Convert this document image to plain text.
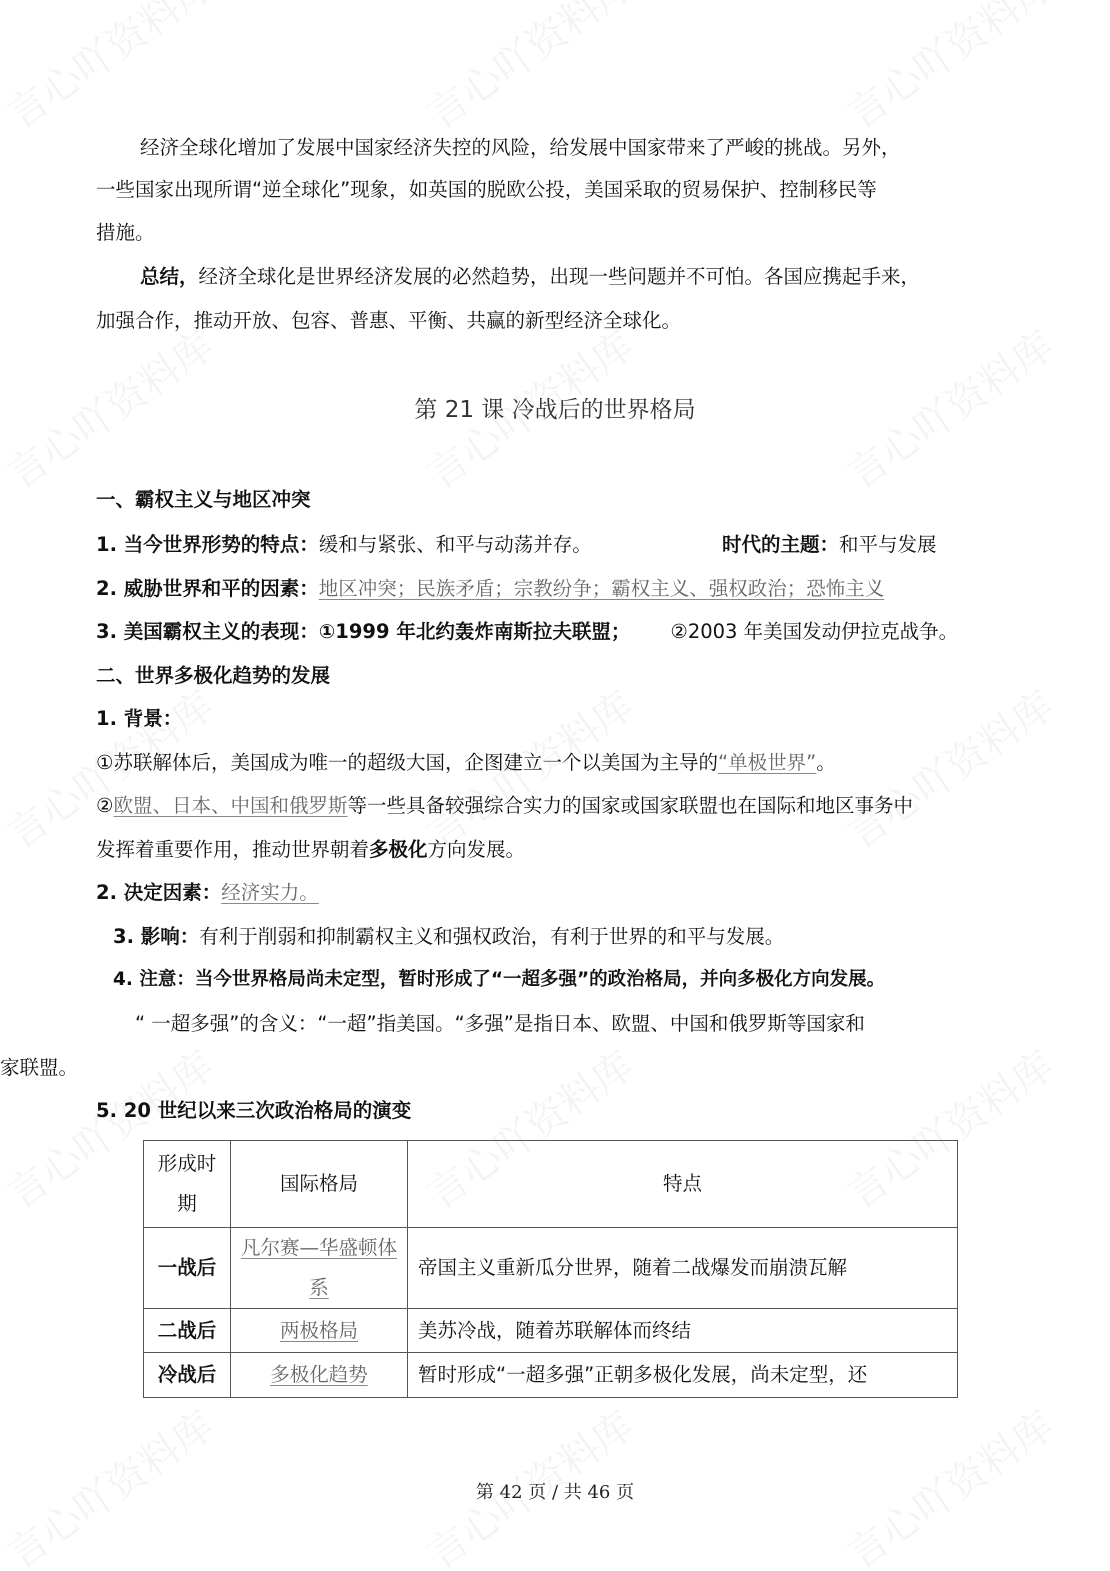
经济全球化增加了发展中国家经济失控的风险，给发展中国家带来了严峻的挑战。另外，
一些国家出现所谓“逆全球化”现象，如英国的脱欧公投，美国采取的贸易保护、控制移民等
措施。
总结，经济全球化是世界经济发展的必然趋势，出现一些问题并不可怕。各国应携起手来，
加强合作，推动开放、包容、普惠、平衡、共赢的新型经济全球化。
第 21 课 冷战后的世界格局
一、霸权主义与地区冲突
1. 当今世界形势的特点：缓和与紧张、和平与动荡并存。	时代的主题：和平与发展
2. 威胁世界和平的因素：地区冲突；民族矛盾；宗教纷争；霸权主义、强权政治；恐怖主义
3. 美国霸权主义的表现：①1999 年北约轰炸南斯拉夫联盟； ②2003 年美国发动伊拉克战争。
二、世界多极化趋势的发展
1. 背景：
①苏联解体后，美国成为唯一的超级大国，企图建立一个以美国为主导的“单极世界”。
②欧盟、日本、中国和俄罗斯等一些具备较强综合实力的国家或国家联盟也在国际和地区事务中
发挥着重要作用，推动世界朝着多极化方向发展。
2. 决定因素：经济实力。
3. 影响：有利于削弱和抑制霸权主义和强权政治，有利于世界的和平与发展。
4. 注意：当今世界格局尚未定型，暂时形成了“一超多强”的政治格局，并向多极化方向发展。
“ 一超多强”的含义：“一超”指美国。“多强”是指日本、欧盟、中国和俄罗斯等国家和
家联盟。
5. 20 世纪以来三次政治格局的演变
形成时期	国际格局	特点
一战后	凡尔赛—华盛顿体系	帝国主义重新瓜分世界，随着二战爆发而崩溃瓦解
二战后	两极格局	美苏冷战，随着苏联解体而终结
冷战后	多极化趋势	暂时形成“一超多强”正朝多极化发展，尚未定型，还
第 42 页 / 共 46 页
